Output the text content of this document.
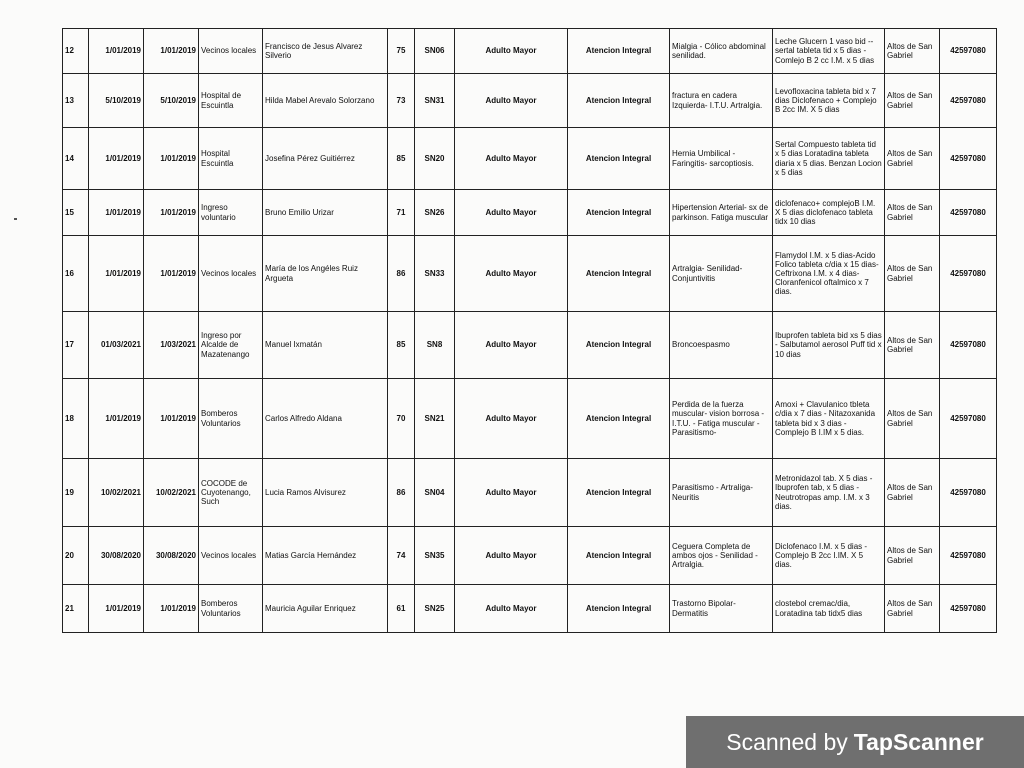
12	1/01/2019	1/01/2019	Vecinos locales	Francisco de Jesus Alvarez Silverio	75	SN06	Adulto Mayor	Atencion Integral	Mialgia - Cólico abdominal senilidad.	Leche Glucern 1 vaso bid -- sertal tableta tid x 5 dias - Comlejo B 2 cc I.M. x 5 dias	Altos de San Gabriel	42597080
13	5/10/2019	5/10/2019	Hospital de Escuintla	Hilda Mabel Arevalo Solorzano	73	SN31	Adulto Mayor	Atencion Integral	fractura en cadera Izquierda- I.T.U. Artralgia.	Levofloxacina tableta bid x 7 dias Diclofenaco + Complejo B 2cc IM. X 5 dias	Altos de San Gabriel	42597080
14	1/01/2019	1/01/2019	Hospital Escuintla	Josefina Pérez Guitiérrez	85	SN20	Adulto Mayor	Atencion Integral	Hernia Umbilical - Faringitis- sarcoptiosis.	Sertal Compuesto tableta tid x 5 dias Loratadina tableta diaria x 5 dias. Benzan Locion x 5 dias	Altos de San Gabriel	42597080
15	1/01/2019	1/01/2019	Ingreso voluntario	Bruno Emilio Urizar	71	SN26	Adulto Mayor	Atencion Integral	Hipertension Arterial- sx de parkinson. Fatiga muscular	diclofenaco+ complejoB I.M. X 5 dias diclofenaco tableta tidx 10 dias	Altos de San Gabriel	42597080
16	1/01/2019	1/01/2019	Vecinos locales	María de los Angéles Ruiz Argueta	86	SN33	Adulto Mayor	Atencion Integral	Artralgia- Senilidad- Conjuntivitis	Flamydol I.M. x 5 dias-Acido Folico tableta c/dia x 15 dias- Ceftrixona I.M. x 4 dias- Cloranfenicol oftalmico x 7 dias.	Altos de San Gabriel	42597080
17	01/03/2021	1/03/2021	Ingreso por Alcalde de Mazatenango	Manuel Ixmatán	85	SN8	Adulto Mayor	Atencion Integral	Broncoespasmo	Ibuprofen tableta bid xs 5 dias - Salbutamol aerosol Puff tid x 10 dias	Altos de San Gabriel	42597080
18	1/01/2019	1/01/2019	Bomberos Voluntarios	Carlos Alfredo Aldana	70	SN21	Adulto Mayor	Atencion Integral	Perdida de la fuerza muscular- vision borrosa - I.T.U. - Fatiga muscular - Parasitismo-	Amoxi + Clavulanico tbleta c/dia x 7 dias - Nitazoxanida tableta bid x 3 dias - Complejo B I.IM x 5 dias.	Altos de San Gabriel	42597080
19	10/02/2021	10/02/2021	COCODE de Cuyotenango, Such	Lucia Ramos Alvisurez	86	SN04	Adulto Mayor	Atencion Integral	Parasitismo - Artraliga- Neuritis	Metronidazol tab. X 5 dias - Ibuprofen tab, x 5 dias - Neutrotropas amp. I.M. x 3 dias.	Altos de San Gabriel	42597080
20	30/08/2020	30/08/2020	Vecinos locales	Matias García Hernández	74	SN35	Adulto Mayor	Atencion Integral	Ceguera Completa de ambos ojos - Senilidad - Artralgia.	Diclofenaco I.M. x 5 dias - Complejo B 2cc I.IM. X 5 dias.	Altos de San Gabriel	42597080
21	1/01/2019	1/01/2019	Bomberos Voluntarios	Mauricia Aguilar Enriquez	61	SN25	Adulto Mayor	Atencion Integral	Trastorno Bipolar- Dermatitis	clostebol cremac/dia, Loratadina tab tidx5 dias	Altos de San Gabriel	42597080
Scanned by TapScanner
